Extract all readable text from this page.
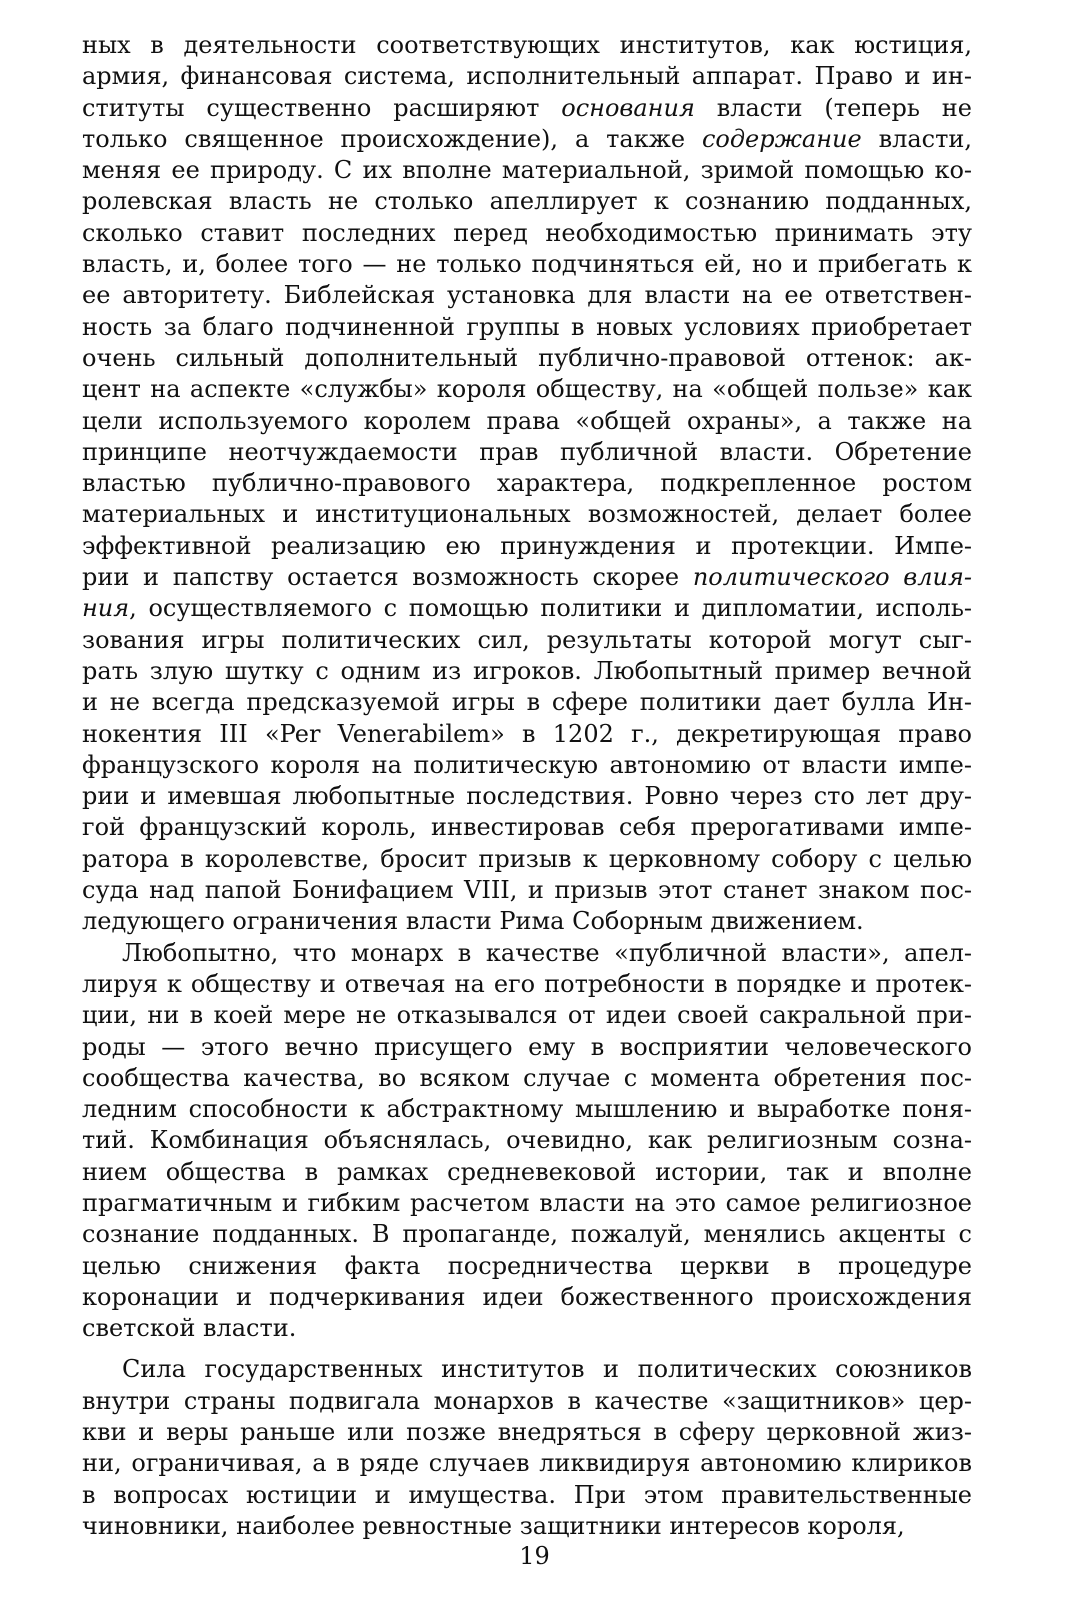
ных в деятельности соответствующих институтов, как юстиция,
армия, финансовая система, исполнительный аппарат. Право и ин-
ституты существенно расширяют основания власти (теперь не
только священное происхождение), а также содержание власти,
меняя ее природу. С их вполне материальной, зримой помощью ко-
ролевская власть не столько апеллирует к сознанию подданных,
сколько ставит последних перед необходимостью принимать эту
власть, и, более того — не только подчиняться ей, но и прибегать к
ее авторитету. Библейская установка для власти на ее ответствен-
ность за благо подчиненной группы в новых условиях приобретает
очень сильный дополнительный публично-правовой оттенок: ак-
цент на аспекте «службы» короля обществу, на «общей пользе» как
цели используемого королем права «общей охраны», а также на
принципе неотчуждаемости прав публичной власти. Обретение
властью публично-правового характера, подкрепленное ростом
материальных и институциональных возможностей, делает более
эффективной реализацию ею принуждения и протекции. Импе-
рии и папству остается возможность скорее политического влия-
ния, осуществляемого с помощью политики и дипломатии, исполь-
зования игры политических сил, результаты которой могут сыг-
рать злую шутку с одним из игроков. Любопытный пример вечной
и не всегда предсказуемой игры в сфере политики дает булла Ин-
нокентия III «Per Venerabilem» в 1202 г., декретирующая право
французского короля на политическую автономию от власти импе-
рии и имевшая любопытные последствия. Ровно через сто лет дру-
гой французский король, инвестировав себя прерогативами импе-
ратора в королевстве, бросит призыв к церковному собору с целью
суда над папой Бонифацием VIII, и призыв этот станет знаком пос-
ледующего ограничения власти Рима Соборным движением.
Любопытно, что монарх в качестве «публичной власти», апел-
лируя к обществу и отвечая на его потребности в порядке и протек-
ции, ни в коей мере не отказывался от идеи своей сакральной при-
роды — этого вечно присущего ему в восприятии человеческого
сообщества качества, во всяком случае с момента обретения пос-
ледним способности к абстрактному мышлению и выработке поня-
тий. Комбинация объяснялась, очевидно, как религиозным созна-
нием общества в рамках средневековой истории, так и вполне
прагматичным и гибким расчетом власти на это самое религиозное
сознание подданных. В пропаганде, пожалуй, менялись акценты с
целью снижения факта посредничества церкви в процедуре
коронации и подчеркивания идеи божественного происхождения
светской власти.
Сила государственных институтов и политических союзников
внутри страны подвигала монархов в качестве «защитников» цер-
кви и веры раньше или позже внедряться в сферу церковной жиз-
ни, ограничивая, а в ряде случаев ликвидируя автономию клириков
в вопросах юстиции и имущества. При этом правительственные
чиновники, наиболее ревностные защитники интересов короля,
19
